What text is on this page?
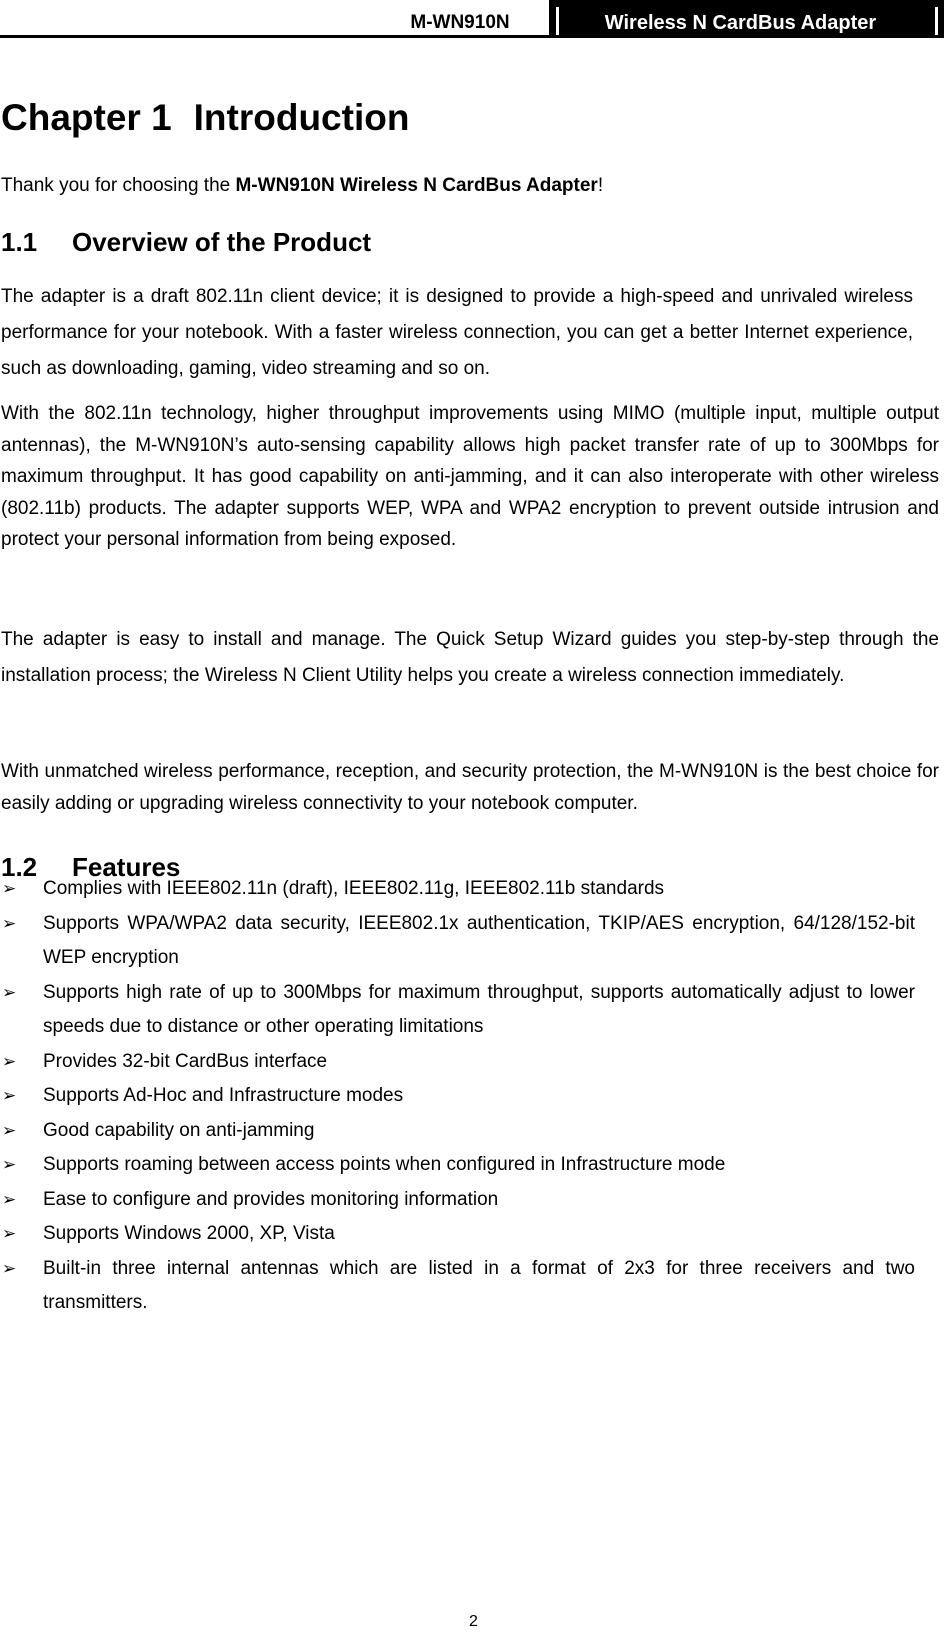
M-WN910N	Wireless N CardBus Adapter
Chapter 1 Introduction
Thank you for choosing the M-WN910N Wireless N CardBus Adapter!
1.1 Overview of the Product

The adapter is a draft 802.11n client device; it is designed to provide a high-speed and unrivaled wireless performance for your notebook. With a faster wireless connection, you can get a better Internet experience, such as downloading, gaming, video streaming and so on.

With the 802.11n technology, higher throughput improvements using MIMO (multiple input, multiple output antennas), the M-WN910N’s auto-sensing capability allows high packet transfer rate of up to 300Mbps for maximum throughput. It has good capability on anti-jamming, and it can also interoperate with other wireless (802.11b) products. The adapter supports WEP, WPA and WPA2 encryption to prevent outside intrusion and protect your personal information from being exposed.

The adapter is easy to install and manage. The Quick Setup Wizard guides you step-by-step through the installation process; the Wireless N Client Utility helps you create a wireless connection immediately.

With unmatched wireless performance, reception, and security protection, the M-WN910N is the best choice for easily adding or upgrading wireless connectivity to your notebook computer.

1.2 Features
➢ Complies with IEEE802.11n (draft), IEEE802.11g, IEEE802.11b standards
➢ Supports WPA/WPA2 data security, IEEE802.1x authentication, TKIP/AES encryption, 64/128/152-bit WEP encryption
➢ Supports high rate of up to 300Mbps for maximum throughput, supports automatically adjust to lower speeds due to distance or other operating limitations
➢ Provides 32-bit CardBus interface
➢ Supports Ad-Hoc and Infrastructure modes
➢ Good capability on anti-jamming
➢ Supports roaming between access points when configured in Infrastructure mode
➢ Ease to configure and provides monitoring information
➢ Supports Windows 2000, XP, Vista
➢ Built-in three internal antennas which are listed in a format of 2x3 for three receivers and two transmitters.
2
